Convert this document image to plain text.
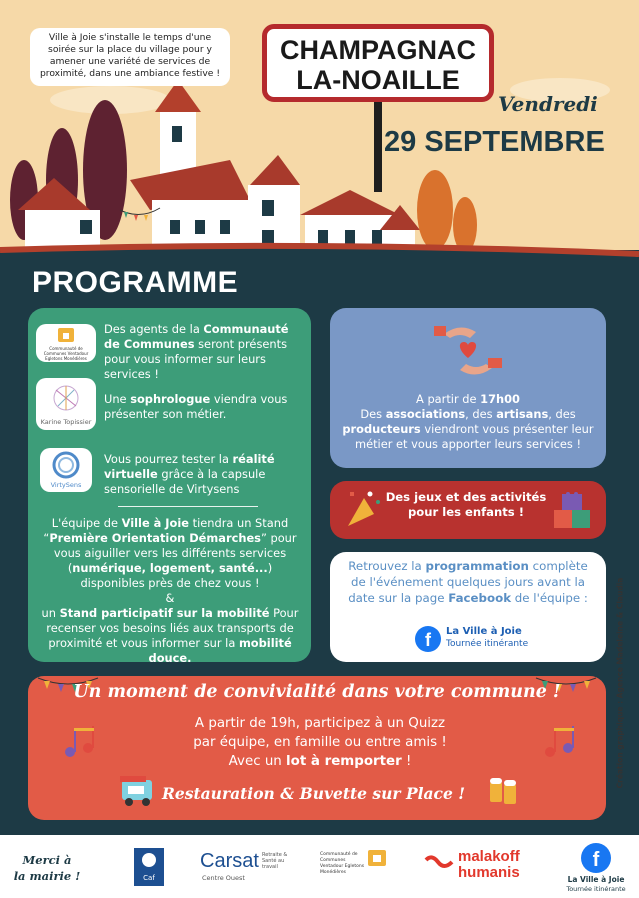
Ville à Joie s'installe le temps d'une soirée sur la place du village pour y amener une variété de services de proximité, dans une ambiance festive !
CHAMPAGNAC
LA-NOAILLE
Vendredi
29 SEPTEMBRE
PROGRAMME
Communauté de Communes Ventadour Egletons Monédières
Des agents de la Communauté de Communes seront présents pour vous informer sur leurs services !
Karine Topissier
Une sophrologue viendra vous présenter son métier.
VirtySens
Vous pourrez tester la réalité virtuelle grâce à la capsule sensorielle de Virtysens
L'équipe de Ville à Joie tiendra un Stand “Première Orientation Démarches” pour vous aiguiller vers les différents services (numérique, logement, santé...) disponibles près de chez vous !
&
un Stand participatif sur la mobilité Pour recenser vos besoins liés aux transports de proximité et vous informer sur la mobilité douce.
A partir de 17h00
Des associations, des artisans, des producteurs viendront vous présenter leur métier et vous apporter leurs services !
Des jeux et des activités pour les enfants !
Retrouvez la programmation complète de l'événement quelques jours avant la date sur la page Facebook de l'équipe :
f La Ville à Joie
Tournée itinérante
Un moment de convivialité dans votre commune !
A partir de 19h, participez à un Quizz
par équipe, en famille ou entre amis !
Avec un lot à remporter !
Restauration & Buvette sur Place !
Création graphique : Agence Madeleine & Claudia
Merci à
la mairie !	Caf
Carsat Retraite & Santé au travail
Centre Ouest
Communauté de Communes Ventadour Egletons Monédières
malakoff
humanis
f
La Ville à Joie
Tournée itinérante
